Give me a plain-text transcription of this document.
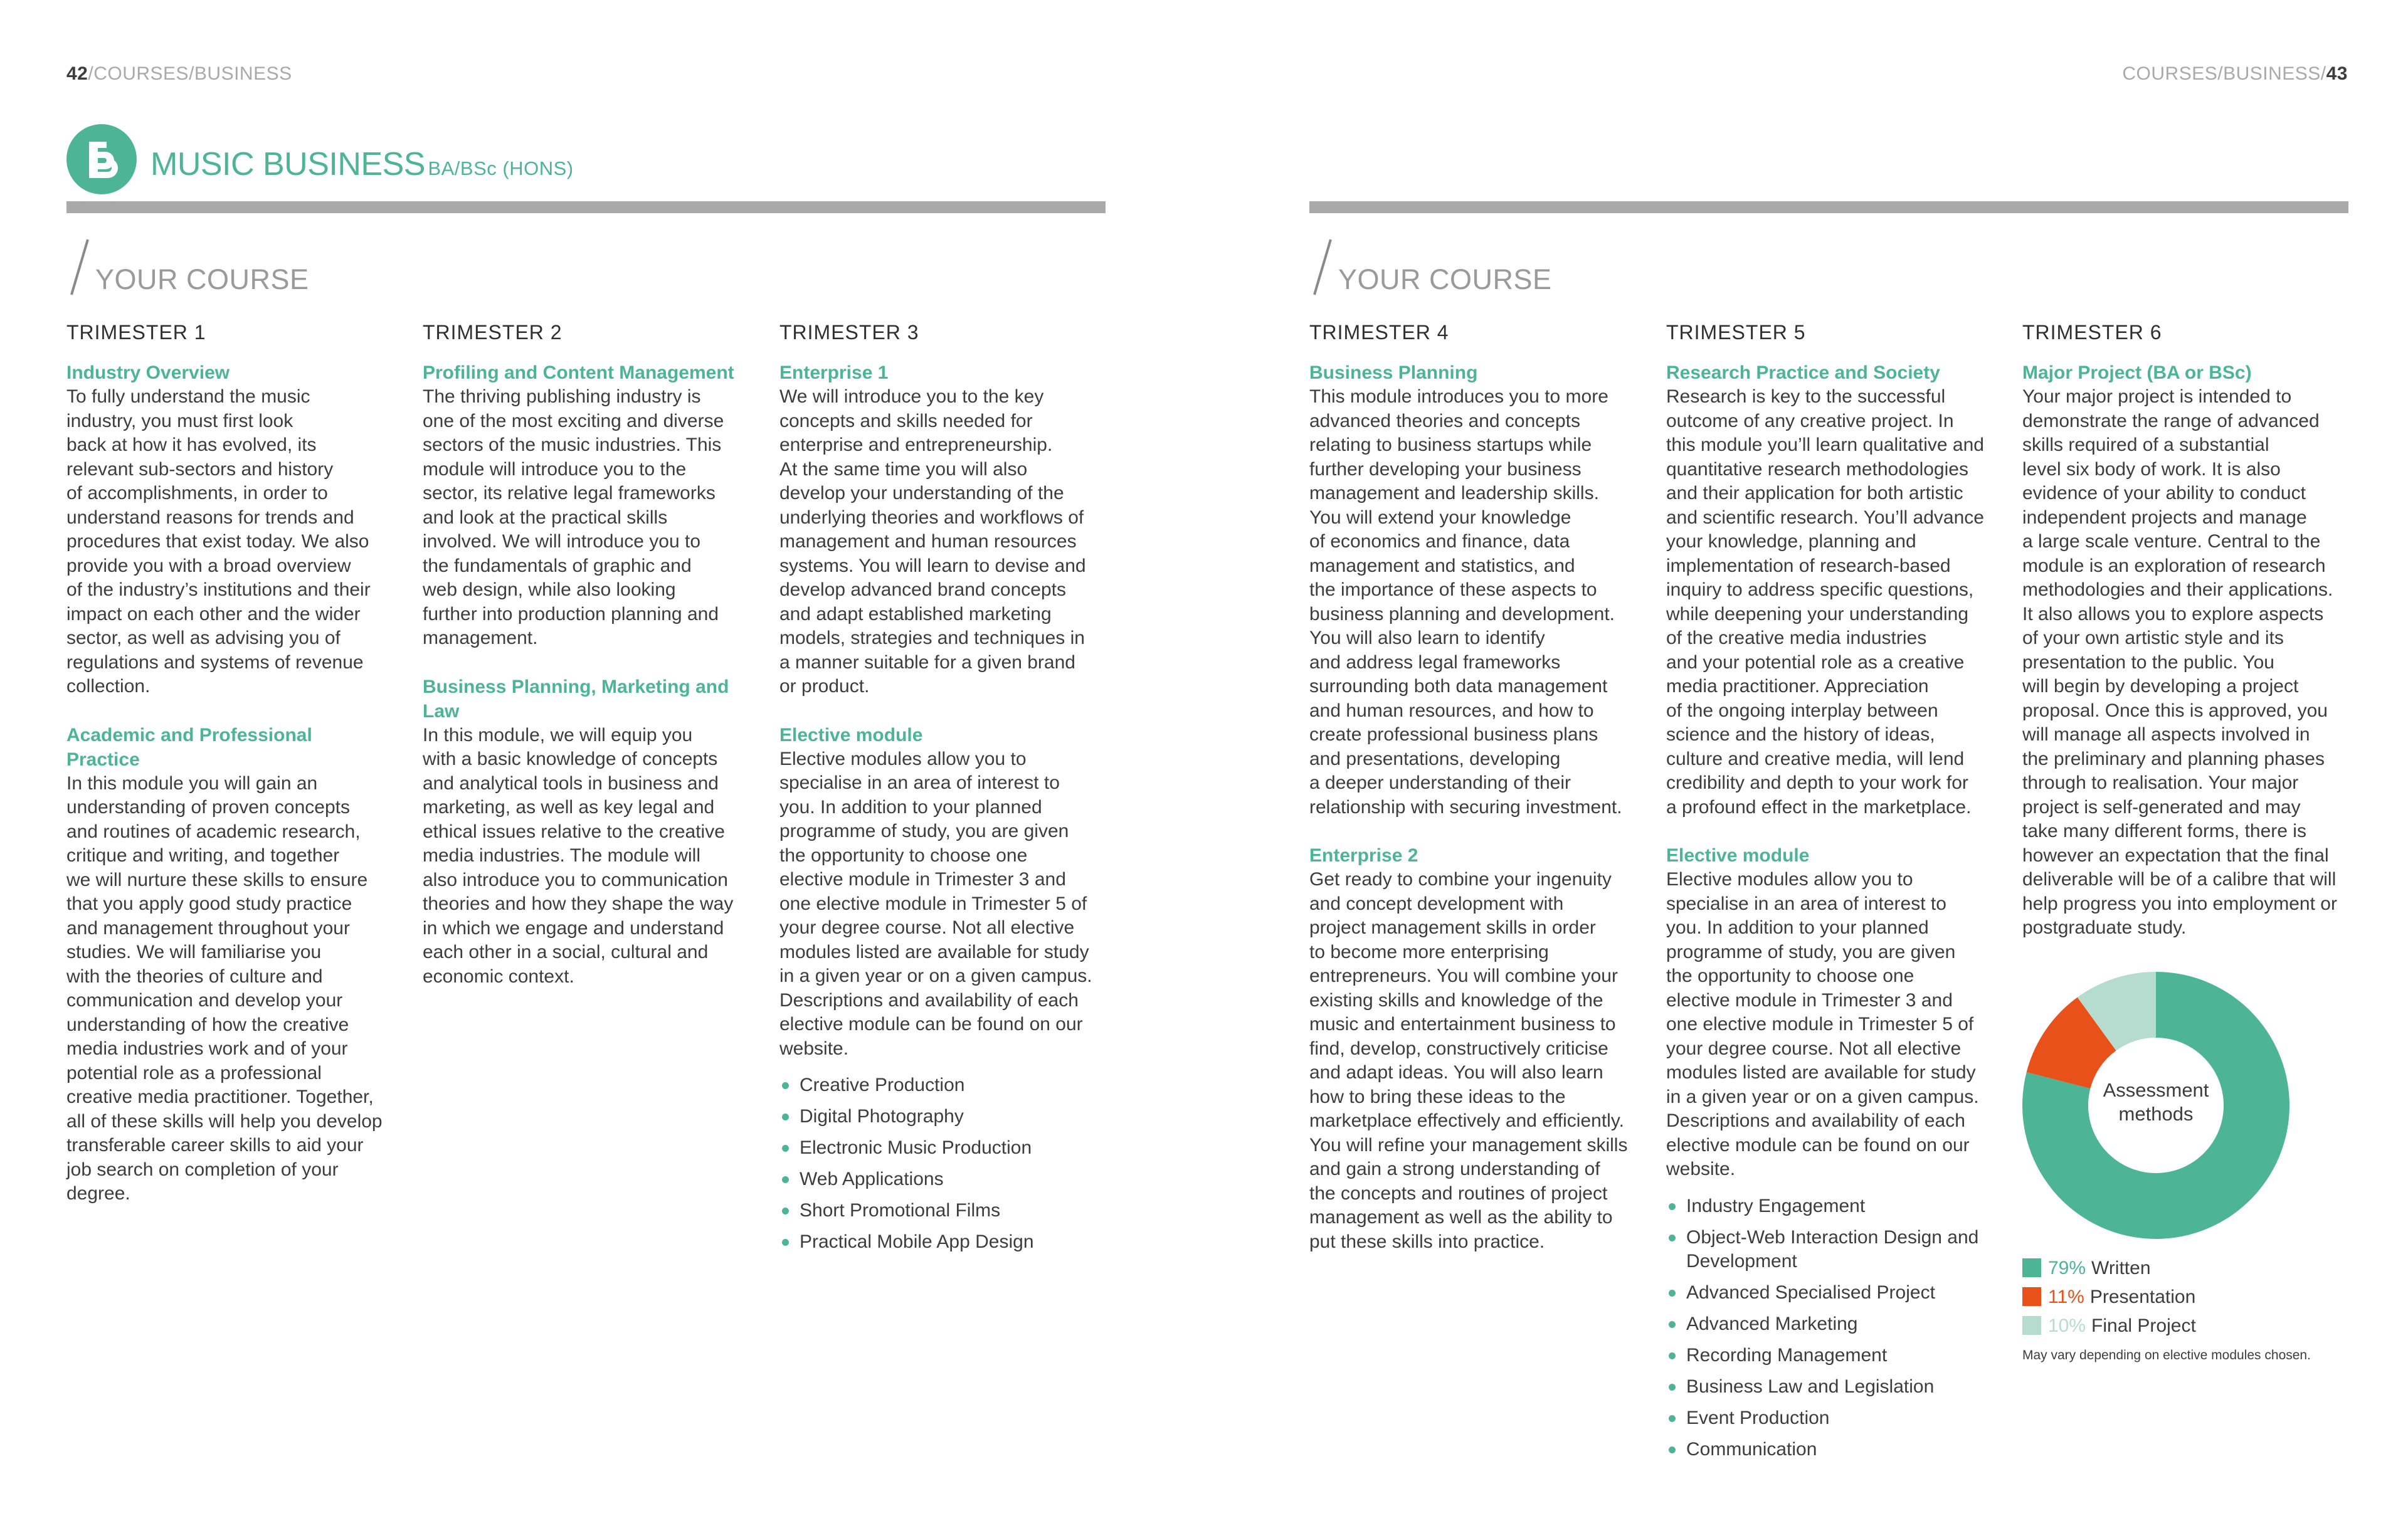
42/COURSES/BUSINESS	COURSES/BUSINESS/43
MUSIC BUSINESS BA/BSc (HONS)
YOUR COURSE	YOUR COURSE
TRIMESTER 1
Industry Overview
To fully understand the music
industry, you must first look
back at how it has evolved, its
relevant sub-sectors and history
of accomplishments, in order to
understand reasons for trends and
procedures that exist today. We also
provide you with a broad overview
of the industry’s institutions and their
impact on each other and the wider
sector, as well as advising you of
regulations and systems of revenue
collection.
Academic and Professional
Practice
In this module you will gain an
understanding of proven concepts
and routines of academic research,
critique and writing, and together
we will nurture these skills to ensure
that you apply good study practice
and management throughout your
studies. We will familiarise you
with the theories of culture and
communication and develop your
understanding of how the creative
media industries work and of your
potential role as a professional
creative media practitioner. Together,
all of these skills will help you develop
transferable career skills to aid your
job search on completion of your
degree.
TRIMESTER 2
Profiling and Content Management
The thriving publishing industry is
one of the most exciting and diverse
sectors of the music industries. This
module will introduce you to the
sector, its relative legal frameworks
and look at the practical skills
involved. We will introduce you to
the fundamentals of graphic and
web design, while also looking
further into production planning and
management.
Business Planning, Marketing and
Law
In this module, we will equip you
with a basic knowledge of concepts
and analytical tools in business and
marketing, as well as key legal and
ethical issues relative to the creative
media industries. The module will
also introduce you to communication
theories and how they shape the way
in which we engage and understand
each other in a social, cultural and
economic context.
TRIMESTER 3
Enterprise 1
We will introduce you to the key
concepts and skills needed for
enterprise and entrepreneurship.
At the same time you will also
develop your understanding of the
underlying theories and workflows of
management and human resources
systems. You will learn to devise and
develop advanced brand concepts
and adapt established marketing
models, strategies and techniques in
a manner suitable for a given brand
or product.
Elective module
Elective modules allow you to
specialise in an area of interest to
you. In addition to your planned
programme of study, you are given
the opportunity to choose one
elective module in Trimester 3 and
one elective module in Trimester 5 of
your degree course. Not all elective
modules listed are available for study
in a given year or on a given campus.
Descriptions and availability of each
elective module can be found on our
website.
Creative Production
Digital Photography
Electronic Music Production
Web Applications
Short Promotional Films
Practical Mobile App Design
TRIMESTER 4
Business Planning
This module introduces you to more
advanced theories and concepts
relating to business startups while
further developing your business
management and leadership skills.
You will extend your knowledge
of economics and finance, data
management and statistics, and
the importance of these aspects to
business planning and development.
You will also learn to identify
and address legal frameworks
surrounding both data management
and human resources, and how to
create professional business plans
and presentations, developing
a deeper understanding of their
relationship with securing investment.
Enterprise 2
Get ready to combine your ingenuity
and concept development with
project management skills in order
to become more enterprising
entrepreneurs. You will combine your
existing skills and knowledge of the
music and entertainment business to
find, develop, constructively criticise
and adapt ideas. You will also learn
how to bring these ideas to the
marketplace effectively and efficiently.
You will refine your management skills
and gain a strong understanding of
the concepts and routines of project
management as well as the ability to
put these skills into practice.
TRIMESTER 5
Research Practice and Society
Research is key to the successful
outcome of any creative project. In
this module you’ll learn qualitative and
quantitative research methodologies
and their application for both artistic
and scientific research. You’ll advance
your knowledge, planning and
implementation of research-based
inquiry to address specific questions,
while deepening your understanding
of the creative media industries
and your potential role as a creative
media practitioner. Appreciation
of the ongoing interplay between
science and the history of ideas,
culture and creative media, will lend
credibility and depth to your work for
a profound effect in the marketplace.
Elective module
Elective modules allow you to
specialise in an area of interest to
you. In addition to your planned
programme of study, you are given
the opportunity to choose one
elective module in Trimester 3 and
one elective module in Trimester 5 of
your degree course. Not all elective
modules listed are available for study
in a given year or on a given campus.
Descriptions and availability of each
elective module can be found on our
website.
Industry Engagement
Object-Web Interaction Design and
Development
Advanced Specialised Project
Advanced Marketing
Recording Management
Business Law and Legislation
Event Production
Communication
TRIMESTER 6
Major Project (BA or BSc)
Your major project is intended to
demonstrate the range of advanced
skills required of a substantial
level six body of work. It is also
evidence of your ability to conduct
independent projects and manage
a large scale venture. Central to the
module is an exploration of research
methodologies and their applications.
It also allows you to explore aspects
of your own artistic style and its
presentation to the public. You
will begin by developing a project
proposal. Once this is approved, you
will manage all aspects involved in
the preliminary and planning phases
through to realisation. Your major
project is self-generated and may
take many different forms, there is
however an expectation that the final
deliverable will be of a calibre that will
help progress you into employment or
postgraduate study.
Assessment
methods
79% Written
11% Presentation
10% Final Project
May vary depending on elective modules chosen.
